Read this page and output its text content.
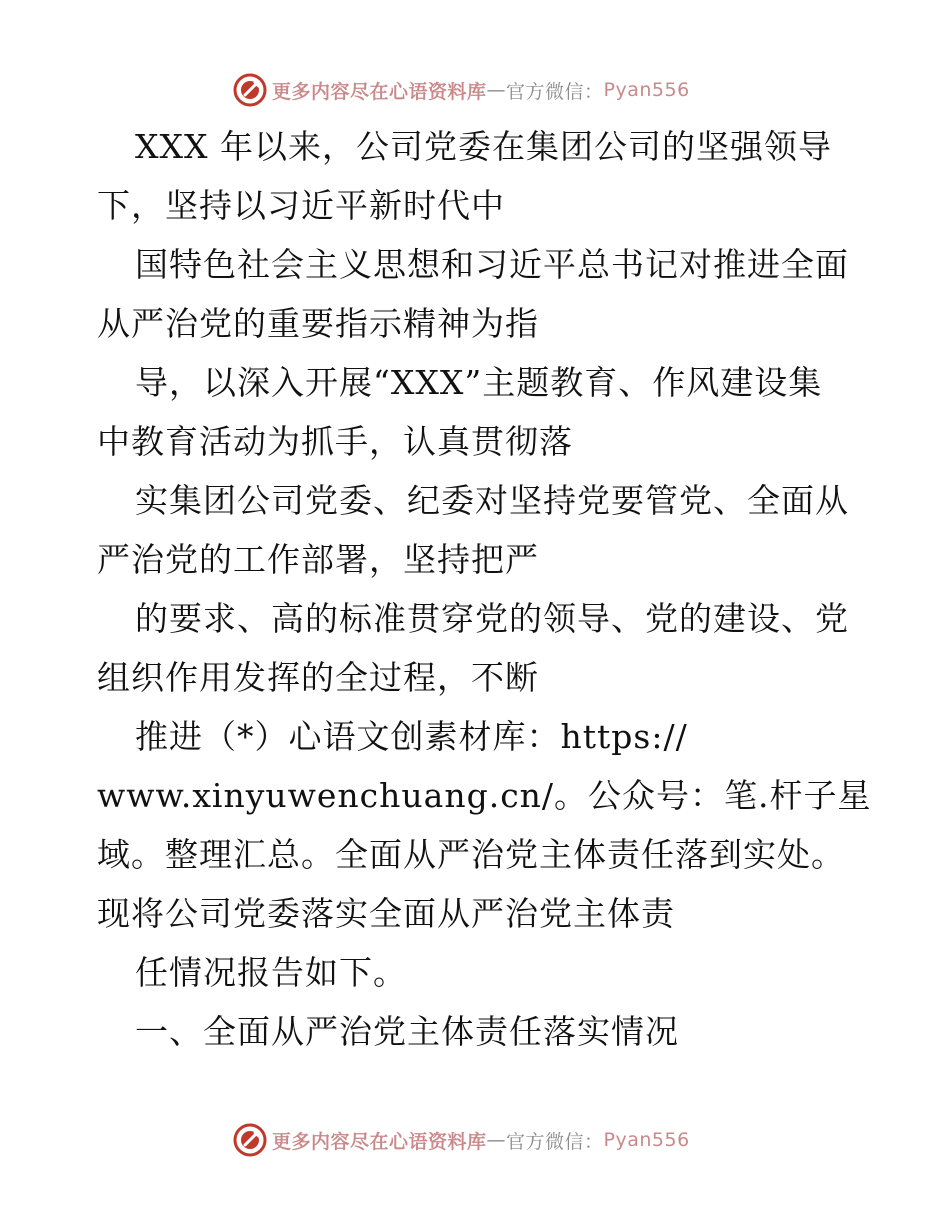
更多内容尽在心语资料库 — 官方微信： Pyan556
XXX 年以来，公司党委在集团公司的坚强领导
下，坚持以习近平新时代中
国特色社会主义思想和习近平总书记对推进全面
从严治党的重要指示精神为指
导，以深入开展“XXX”主题教育、作风建设集
中教育活动为抓手，认真贯彻落
实集团公司党委、纪委对坚持党要管党、全面从
严治党的工作部署，坚持把严
的要求、高的标准贯穿党的领导、党的建设、党
组织作用发挥的全过程，不断
推进（*）心语文创素材库：https://
www.xinyuwenchuang.cn/。公众号：笔.杆子星
域。整理汇总。全面从严治党主体责任落到实处。
现将公司党委落实全面从严治党主体责
任情况报告如下。
一、全面从严治党主体责任落实情况
更多内容尽在心语资料库 — 官方微信： Pyan556
